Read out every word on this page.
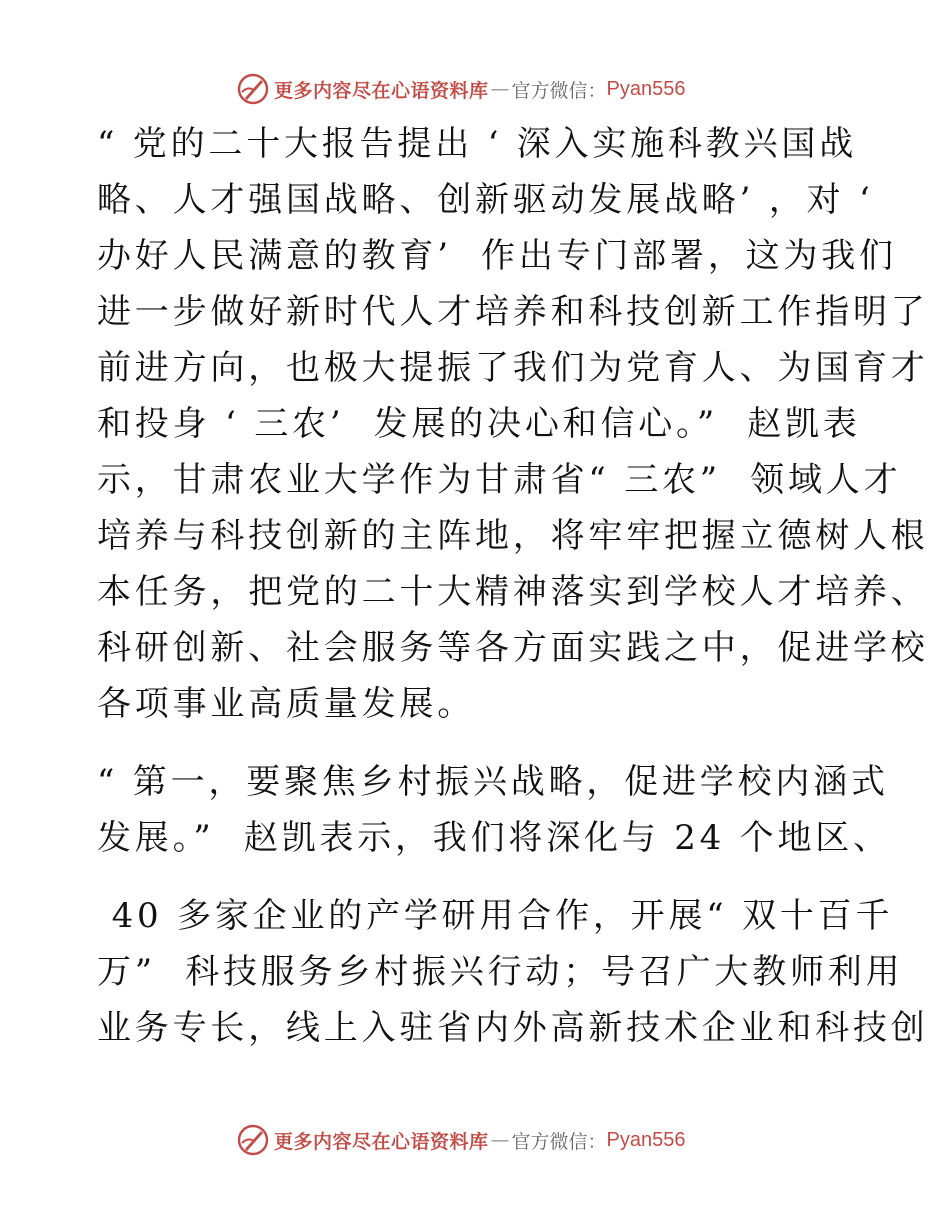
更多内容尽在心语资料库 — 官方微信： Pyan556
“ 党的二十大报告提出 ‘ 深入实施科教兴国战
略、人才强国战略、创新驱动发展战略’ ，对 ‘
办好人民满意的教育’  作出专门部署，这为我们
进一步做好新时代人才培养和科技创新工作指明了
前进方向，也极大提振了我们为党育人、为国育才
和投身 ‘ 三农’  发展的决心和信心。”  赵凯表
示，甘肃农业大学作为甘肃省“ 三农”  领域人才
培养与科技创新的主阵地，将牢牢把握立德树人根
本任务，把党的二十大精神落实到学校人才培养、
科研创新、社会服务等各方面实践之中，促进学校
各项事业高质量发展。
“ 第一，要聚焦乡村振兴战略，促进学校内涵式
发展。”  赵凯表示，我们将深化与 24 个地区、
40 多家企业的产学研用合作，开展“ 双十百千
万”  科技服务乡村振兴行动；号召广大教师利用
业务专长，线上入驻省内外高新技术企业和科技创
更多内容尽在心语资料库 — 官方微信： Pyan556
